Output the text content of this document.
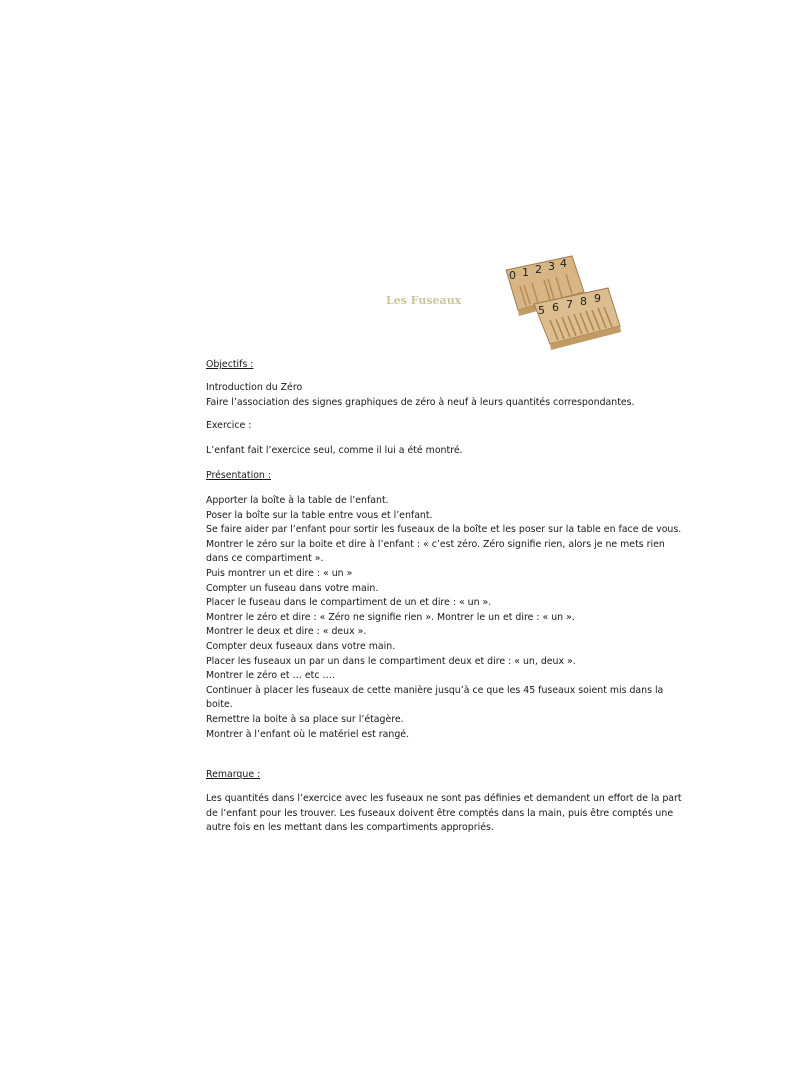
Les Fuseaux
0 1 2 3 4
5 6 7 8 9
Objectifs :
Introduction du Zéro
Faire l’association des signes graphiques de zéro à neuf à leurs quantités correspondantes.
Exercice :
L’enfant fait l’exercice seul, comme il lui a été montré.
Présentation :
Apporter la boîte à la table de l’enfant.
Poser la boîte sur la table entre vous et l’enfant.
Se faire aider par l’enfant pour sortir les fuseaux de la boîte et les poser sur la table en face de vous.
Montrer le zéro sur la boite et dire à l’enfant : « c’est zéro. Zéro signifie rien, alors je ne mets rien
dans ce compartiment ».
Puis montrer un et dire : « un »
Compter un fuseau dans votre main.
Placer le fuseau dans le compartiment de un et dire : « un ».
Montrer le zéro et dire : « Zéro ne signifie rien ». Montrer le un et dire : « un ».
Montrer le deux et dire : « deux ».
Compter deux fuseaux dans votre main.
Placer les fuseaux un par un dans le compartiment deux et dire : « un, deux ».
Montrer le zéro et … etc ….
Continuer à placer les fuseaux de cette manière jusqu’à ce que les 45 fuseaux soient mis dans la
boite.
Remettre la boite à sa place sur l’étagère.
Montrer à l’enfant où le matériel est rangé.
Remarque :
Les quantités dans l’exercice avec les fuseaux ne sont pas définies et demandent un effort de la part
de l’enfant pour les trouver. Les fuseaux doivent être comptés dans la main, puis être comptés une
autre fois en les mettant dans les compartiments appropriés.
